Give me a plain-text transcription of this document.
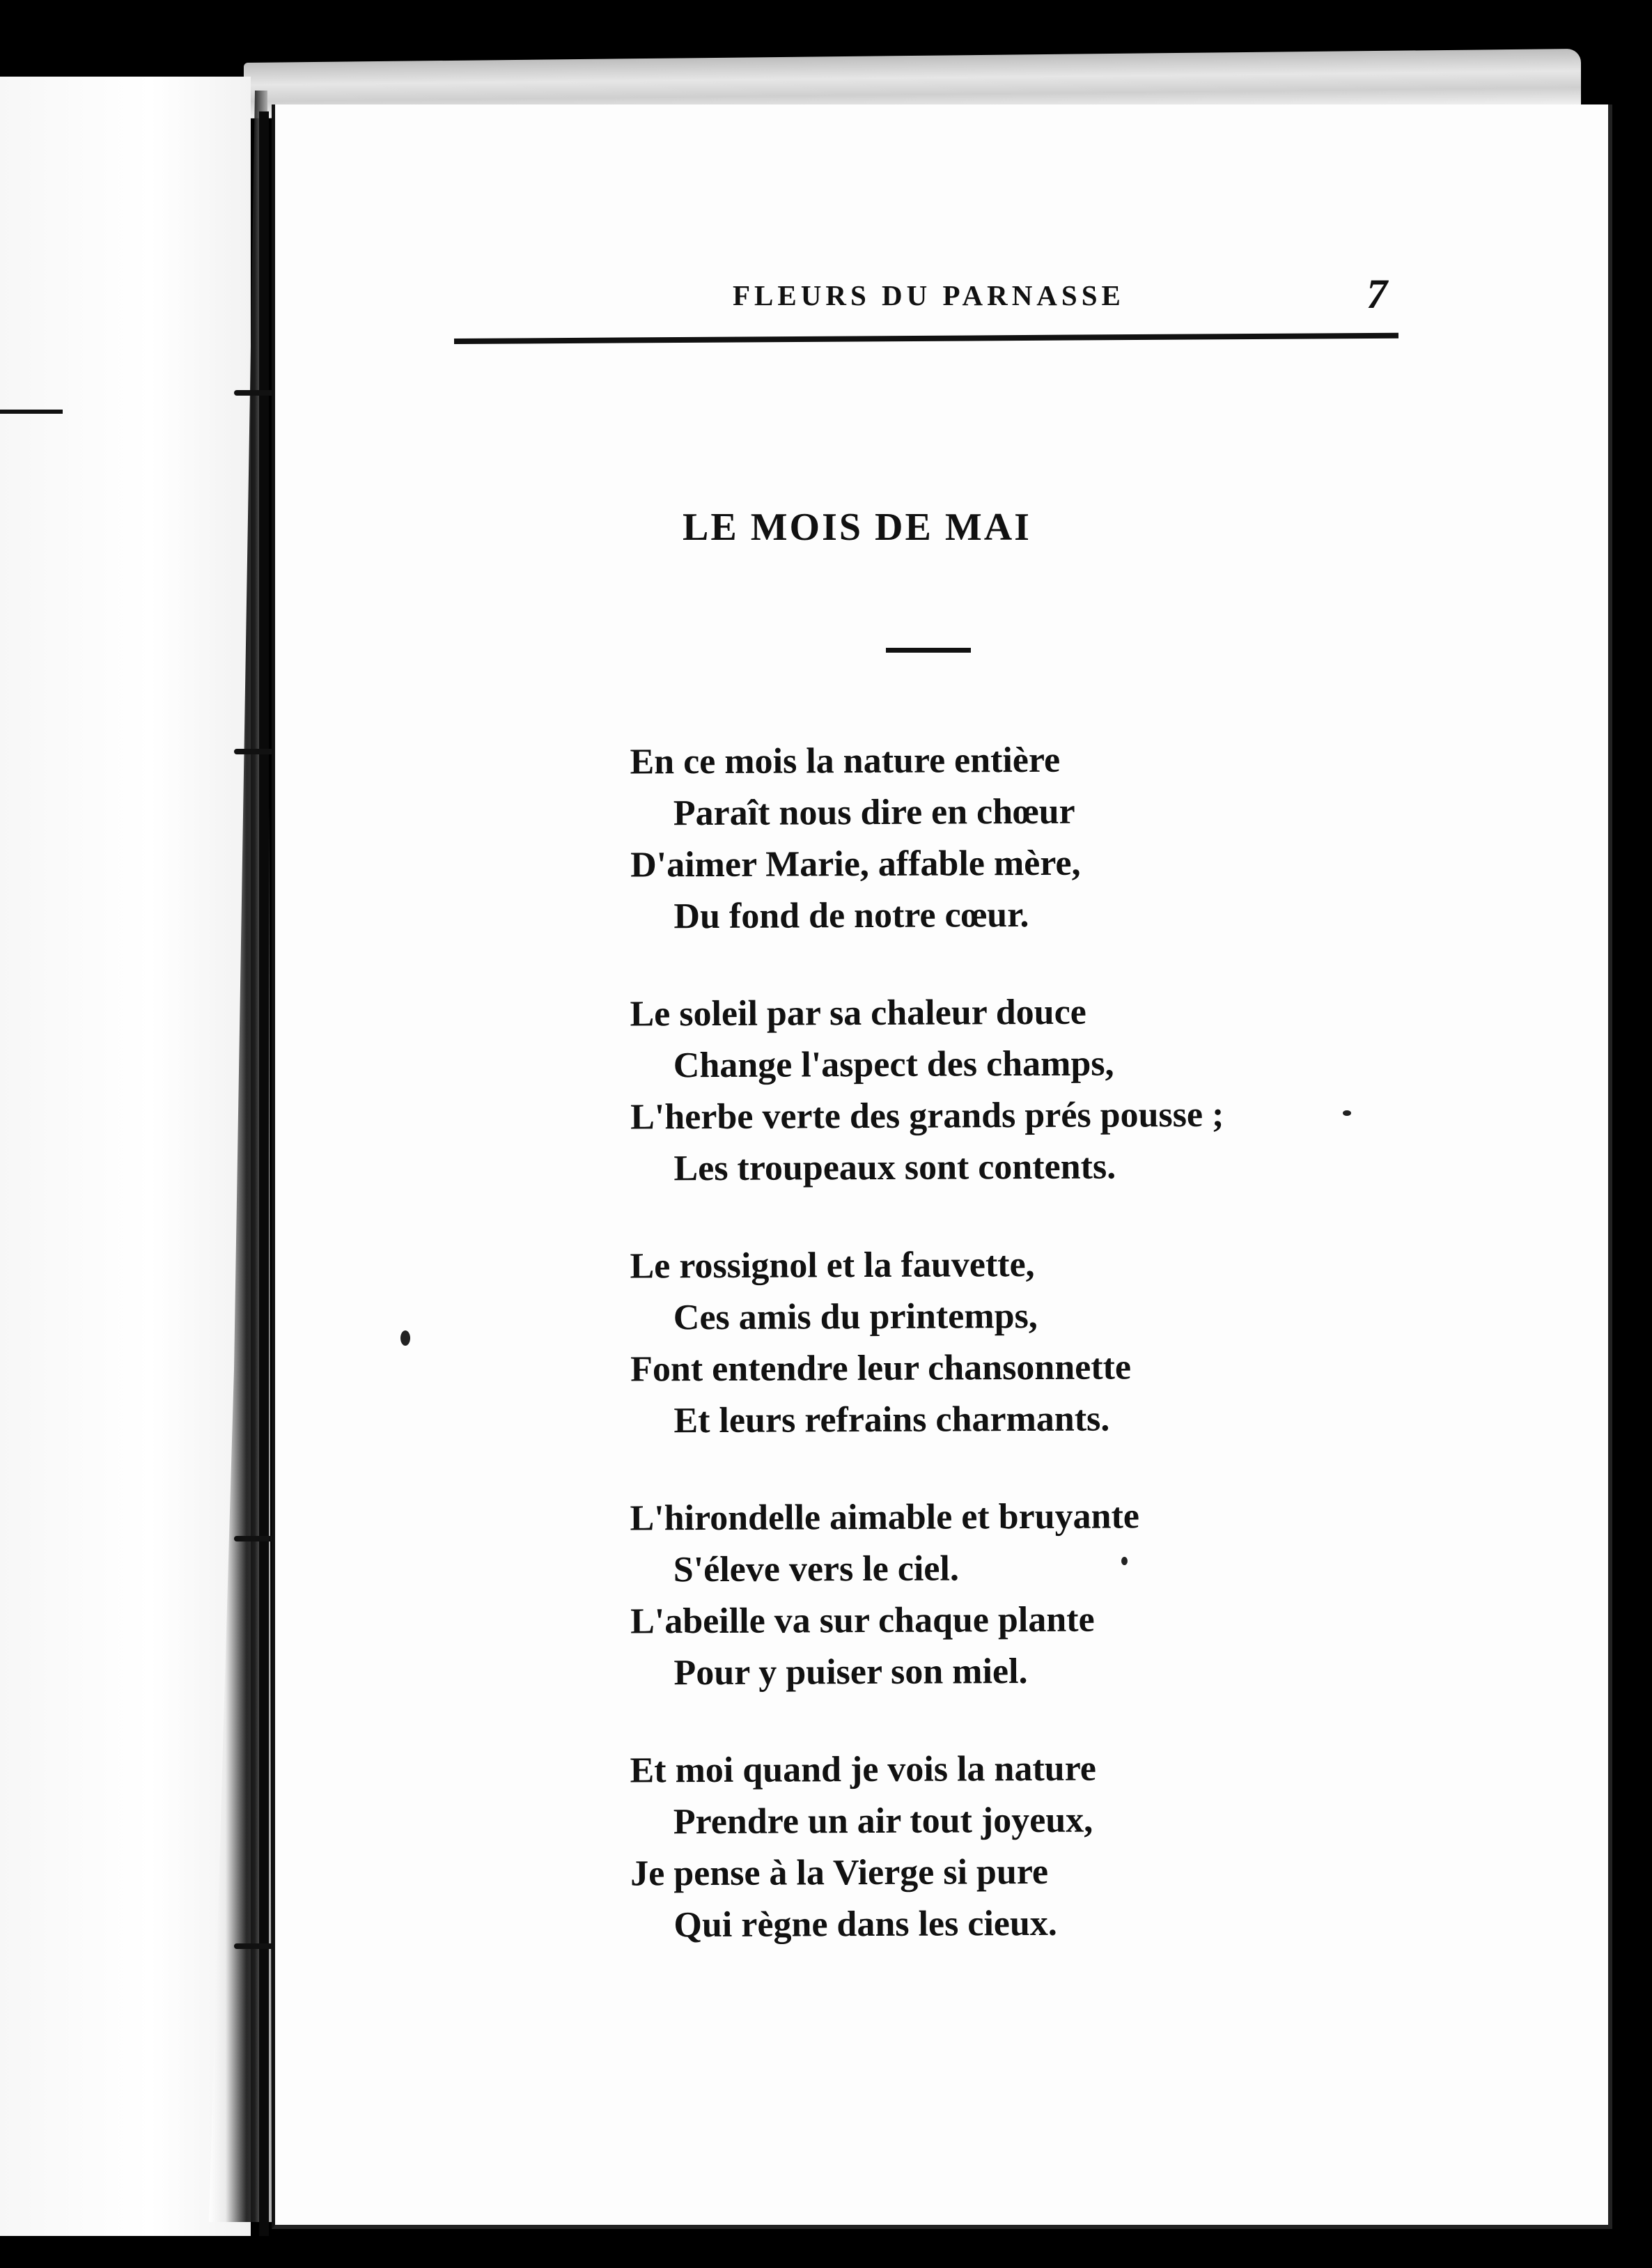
FLEURS DU PARNASSE	7
LE MOIS DE MAI
En ce mois la nature entière
Paraît nous dire en chœur
D'aimer Marie, affable mère,
Du fond de notre cœur.
Le soleil par sa chaleur douce
Change l'aspect des champs,
L'herbe verte des grands prés pousse ;
Les troupeaux sont contents.
Le rossignol et la fauvette,
Ces amis du printemps,
Font entendre leur chansonnette
Et leurs refrains charmants.
L'hirondelle aimable et bruyante
S'éleve vers le ciel.
L'abeille va sur chaque plante
Pour y puiser son miel.
Et moi quand je vois la nature
Prendre un air tout joyeux,
Je pense à la Vierge si pure
Qui règne dans les cieux.
